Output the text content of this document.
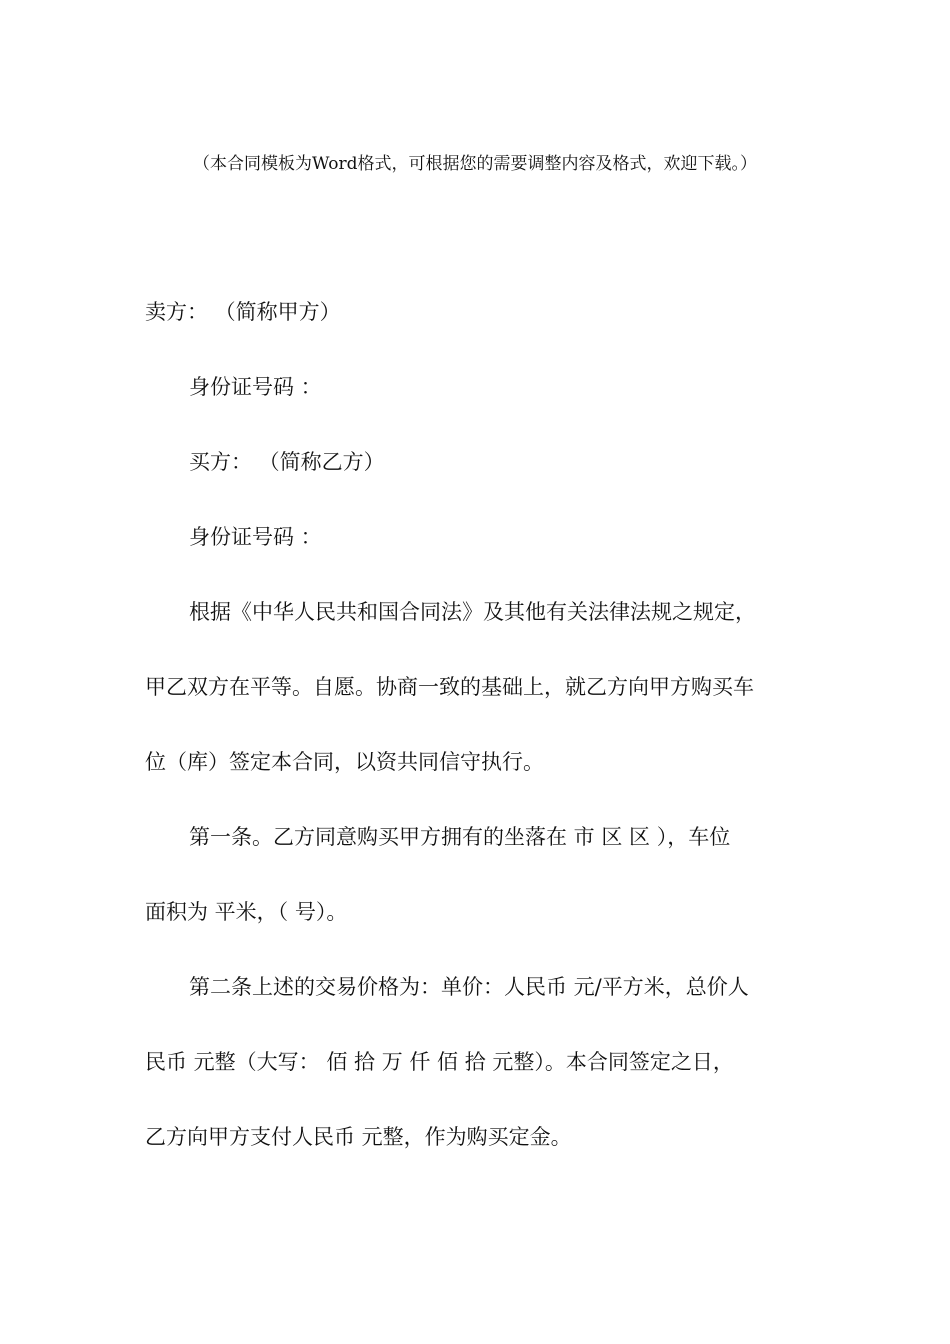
（本合同模板为Word格式，可根据您的需要调整内容及格式，欢迎下载。）
卖方： （简称甲方）
身份证号码 ：
买方： （简称乙方）
身份证号码 ：
根据《中华人民共和国合同法》及其他有关法律法规之规定，
甲乙双方在平等。自愿。协商一致的基础上，就乙方向甲方购买车
位（库）签定本合同，以资共同信守执行。
第一条。乙方同意购买甲方拥有的坐落在 市 区 区 ），车位
面积为 平米，（ 号）。
第二条上述的交易价格为：单价：人民币 元/平方米，总价人
民币 元整（大写： 佰 拾 万 仟 佰 拾 元整）。本合同签定之日，
乙方向甲方支付人民币 元整，作为购买定金。
